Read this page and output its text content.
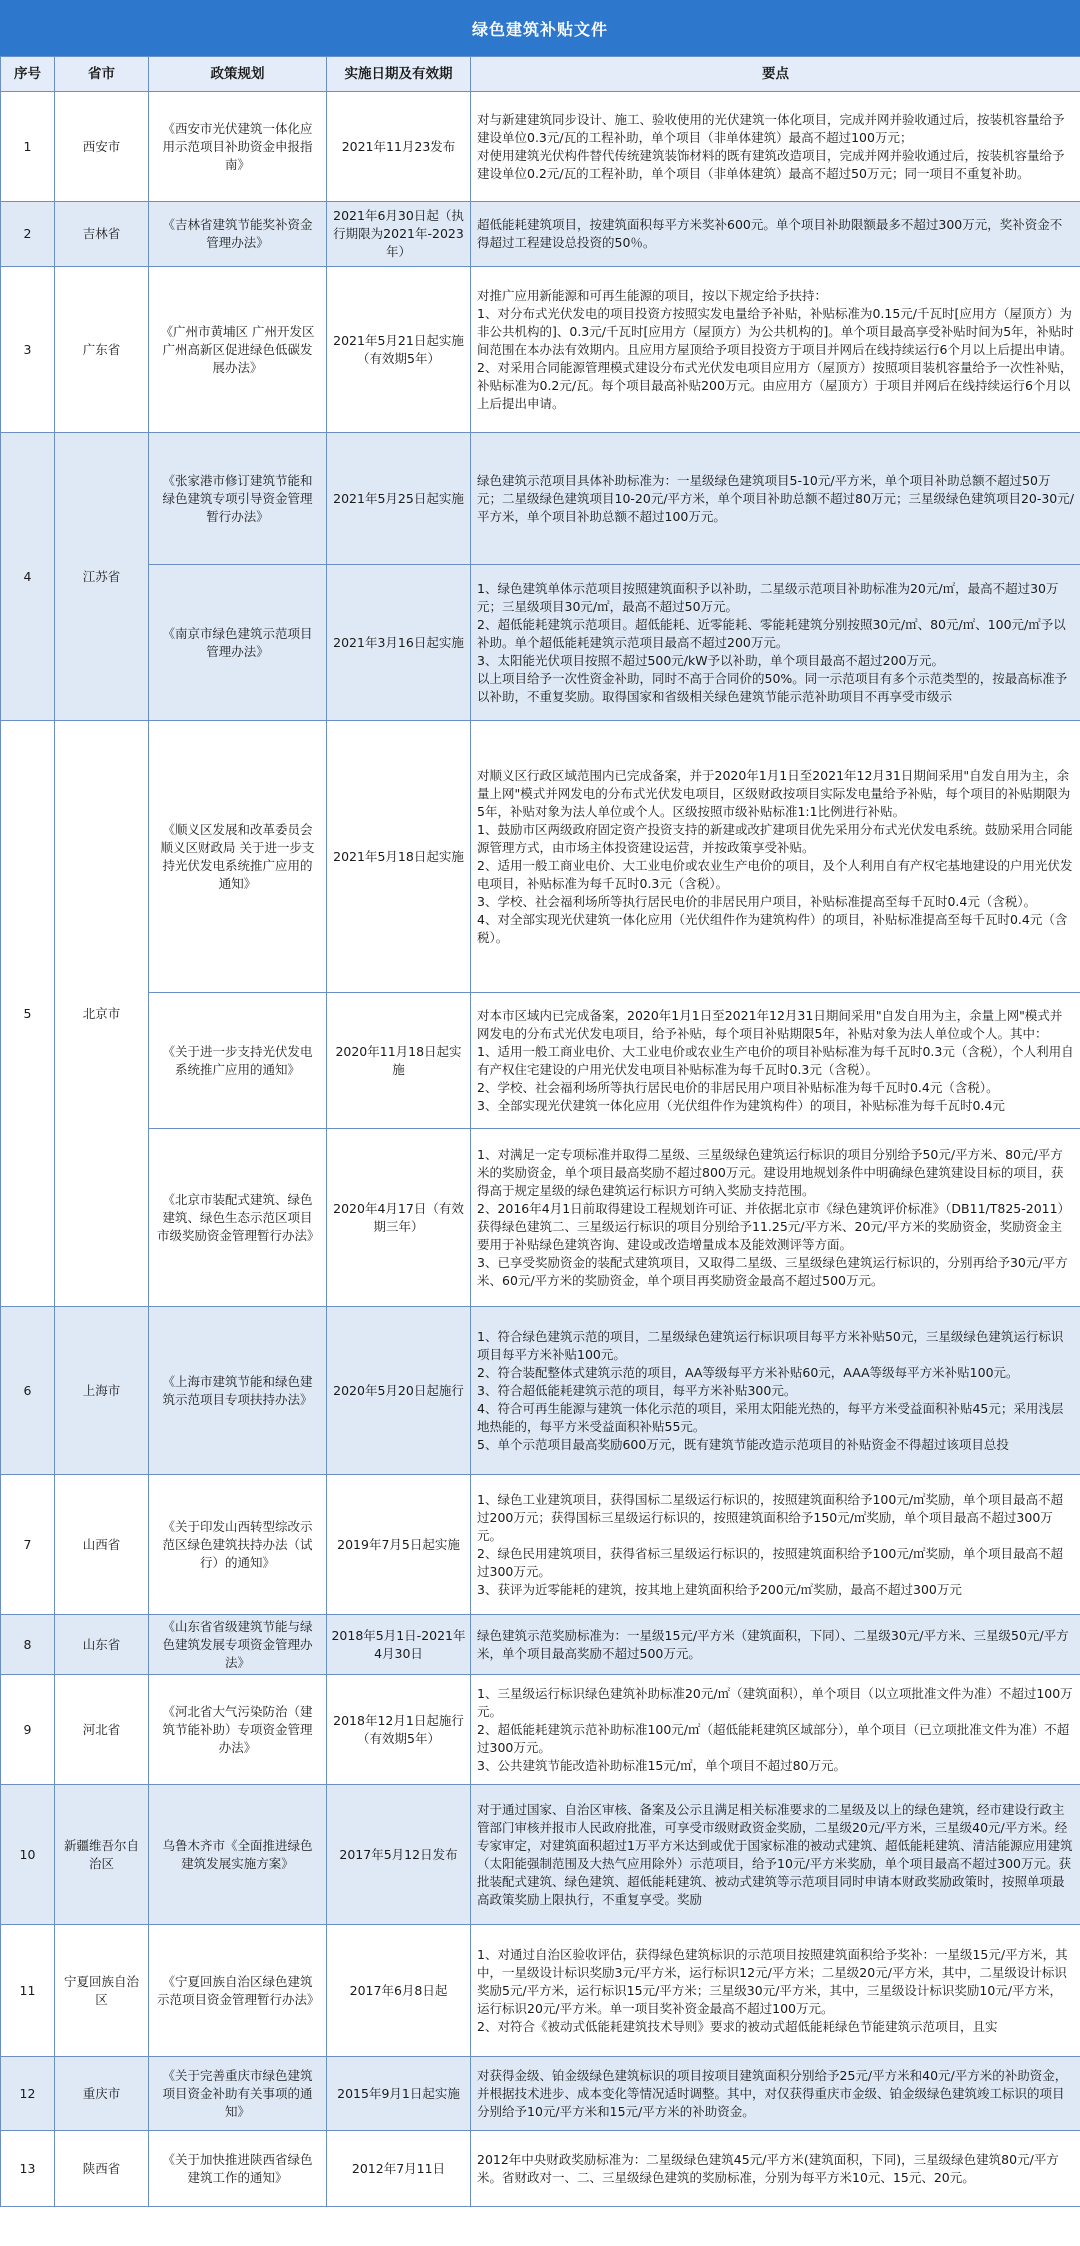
绿色建筑补贴文件
序号	省市	政策规划	实施日期及有效期	要点
1	西安市	《西安市光伏建筑一体化应用示范项目补助资金申报指南》	2021年11月23发布	对与新建建筑同步设计、施工、验收使用的光伏建筑一体化项目，完成并网并验收通过后，按装机容量给予建设单位0.3元/瓦的工程补助，单个项目（非单体建筑）最高不超过100万元；
对使用建筑光伏构件替代传统建筑装饰材料的既有建筑改造项目，完成并网并验收通过后，按装机容量给予建设单位0.2元/瓦的工程补助，单个项目（非单体建筑）最高不超过50万元；同一项目不重复补助。

2	吉林省	《吉林省建筑节能奖补资金管理办法》	2021年6月30日起（执行期限为2021年-2023年）	超低能耗建筑项目，按建筑面积每平方米奖补600元。单个项目补助限额最多不超过300万元，奖补资金不得超过工程建设总投资的50％。

3	广东省	《广州市黄埔区 广州开发区 广州高新区促进绿色低碳发展办法》	2021年5月21日起实施（有效期5年）	对推广应用新能源和可再生能源的项目，按以下规定给予扶持：
1、对分布式光伏发电的项目投资方按照实发电量给予补贴，补贴标准为0.15元/千瓦时[应用方（屋顶方）为非公共机构的]、0.3元/千瓦时[应用方（屋顶方）为公共机构的]。单个项目最高享受补贴时间为5年，补贴时间范围在本办法有效期内。且应用方屋顶给予项目投资方于项目并网后在线持续运行6个月以上后提出申请。
2、对采用合同能源管理模式建设分布式光伏发电项目应用方（屋顶方）按照项目装机容量给予一次性补贴，补贴标准为0.2元/瓦。每个项目最高补贴200万元。由应用方（屋顶方）于项目并网后在线持续运行6个月以上后提出申请。

4	江苏省	《张家港市修订建筑节能和绿色建筑专项引导资金管理暂行办法》	2021年5月25日起实施	绿色建筑示范项目具体补助标准为：一星级绿色建筑项目5-10元/平方米，单个项目补助总额不超过50万元；二星级绿色建筑项目10-20元/平方米，单个项目补助总额不超过80万元；三星级绿色建筑项目20-30元/平方米，单个项目补助总额不超过100万元。

		《南京市绿色建筑示范项目管理办法》	2021年3月16日起实施	1、绿色建筑单体示范项目按照建筑面积予以补助，二星级示范项目补助标准为20元/㎡，最高不超过30万元；三星级项目30元/㎡，最高不超过50万元。
2、超低能耗建筑示范项目。超低能耗、近零能耗、零能耗建筑分别按照30元/㎡、80元/㎡、100元/㎡予以补助。单个超低能耗建筑示范项目最高不超过200万元。
3、太阳能光伏项目按照不超过500元/kW予以补助，单个项目最高不超过200万元。
以上项目给予一次性资金补助，同时不高于合同价的50%。同一示范项目有多个示范类型的，按最高标准予以补助，不重复奖励。取得国家和省级相关绿色建筑节能示范补助项目不再享受市级示

5	北京市	《顺义区发展和改革委员会 顺义区财政局 关于进一步支持光伏发电系统推广应用的通知》	2021年5月18日起实施	对顺义区行政区域范围内已完成备案，并于2020年1月1日至2021年12月31日期间采用"自发自用为主，余量上网"模式并网发电的分布式光伏发电项目，区级财政按项目实际发电量给予补贴，每个项目的补贴期限为5年，补贴对象为法人单位或个人。区级按照市级补贴标准1:1比例进行补贴。
1、鼓励市区两级政府固定资产投资支持的新建或改扩建项目优先采用分布式光伏发电系统。鼓励采用合同能源管理方式，由市场主体投资建设运营，并按政策享受补贴。
2、适用一般工商业电价、大工业电价或农业生产电价的项目，及个人利用自有产权宅基地建设的户用光伏发电项目，补贴标准为每千瓦时0.3元（含税）。
3、学校、社会福利场所等执行居民电价的非居民用户项目，补贴标准提高至每千瓦时0.4元（含税）。
4、对全部实现光伏建筑一体化应用（光伏组件作为建筑构件）的项目，补贴标准提高至每千瓦时0.4元（含税）。

		《关于进一步支持光伏发电系统推广应用的通知》	2020年11月18日起实施	对本市区域内已完成备案，2020年1月1日至2021年12月31日期间采用"自发自用为主，余量上网"模式并网发电的分布式光伏发电项目，给予补贴，每个项目补贴期限5年，补贴对象为法人单位或个人。其中：
1、适用一般工商业电价、大工业电价或农业生产电价的项目补贴标准为每千瓦时0.3元（含税），个人利用自有产权住宅建设的户用光伏发电项目补贴标准为每千瓦时0.3元（含税）。
2、学校、社会福利场所等执行居民电价的非居民用户项目补贴标准为每千瓦时0.4元（含税）。
3、全部实现光伏建筑一体化应用（光伏组件作为建筑构件）的项目，补贴标准为每千瓦时0.4元

		《北京市装配式建筑、绿色建筑、绿色生态示范区项目市级奖励资金管理暂行办法》	2020年4月17日（有效期三年）	1、对满足一定专项标准并取得二星级、三星级绿色建筑运行标识的项目分别给予50元/平方米、80元/平方米的奖励资金，单个项目最高奖励不超过800万元。建设用地规划条件中明确绿色建筑建设目标的项目，获得高于规定星级的绿色建筑运行标识方可纳入奖励支持范围。
2、2016年4月1日前取得建设工程规划许可证、并依据北京市《绿色建筑评价标准》（DB11/T825-2011）获得绿色建筑二、三星级运行标识的项目分别给予11.25元/平方米、20元/平方米的奖励资金，奖励资金主要用于补贴绿色建筑咨询、建设或改造增量成本及能效测评等方面。
3、已享受奖励资金的装配式建筑项目，又取得二星级、三星级绿色建筑运行标识的，分别再给予30元/平方米、60元/平方米的奖励资金，单个项目再奖励资金最高不超过500万元。

6	上海市	《上海市建筑节能和绿色建筑示范项目专项扶持办法》	2020年5月20日起施行	1、符合绿色建筑示范的项目，二星级绿色建筑运行标识项目每平方米补贴50元，三星级绿色建筑运行标识项目每平方米补贴100元。
2、符合装配整体式建筑示范的项目，AA等级每平方米补贴60元，AAA等级每平方米补贴100元。
3、符合超低能耗建筑示范的项目，每平方米补贴300元。
4、符合可再生能源与建筑一体化示范的项目，采用太阳能光热的，每平方米受益面积补贴45元；采用浅层地热能的，每平方米受益面积补贴55元。
5、单个示范项目最高奖励600万元，既有建筑节能改造示范项目的补贴资金不得超过该项目总投

7	山西省	《关于印发山西转型综改示范区绿色建筑扶持办法（试行）的通知》	2019年7月5日起实施	1、绿色工业建筑项目，获得国标二星级运行标识的，按照建筑面积给予100元/㎡奖励，单个项目最高不超过200万元；获得国标三星级运行标识的，按照建筑面积给予150元/㎡奖励，单个项目最高不超过300万元。
2、绿色民用建筑项目，获得省标三星级运行标识的，按照建筑面积给予100元/㎡奖励，单个项目最高不超过300万元。
3、获评为近零能耗的建筑，按其地上建筑面积给予200元/㎡奖励，最高不超过300万元

8	山东省	《山东省省级建筑节能与绿色建筑发展专项资金管理办法》	2018年5月1日-2021年4月30日	绿色建筑示范奖励标准为：一星级15元/平方米（建筑面积，下同）、二星级30元/平方米、三星级50元/平方米，单个项目最高奖励不超过500万元。

9	河北省	《河北省大气污染防治（建筑节能补助）专项资金管理办法》	2018年12月1日起施行（有效期5年）	1、三星级运行标识绿色建筑补助标准20元/㎡（建筑面积），单个项目（以立项批准文件为准）不超过100万元。
2、超低能耗建筑示范补助标准100元/㎡（超低能耗建筑区域部分），单个项目（已立项批准文件为准）不超过300万元。
3、公共建筑节能改造补助标准15元/㎡，单个项目不超过80万元。

10	新疆维吾尔自治区	乌鲁木齐市《全面推进绿色建筑发展实施方案》	2017年5月12日发布	对于通过国家、自治区审核、备案及公示且满足相关标准要求的二星级及以上的绿色建筑，经市建设行政主管部门审核并报市人民政府批准，可享受市级财政资金奖励，二星级20元/平方米，三星级40元/平方米。经专家审定，对建筑面积超过1万平方米达到或优于国家标准的被动式建筑、超低能耗建筑、清洁能源应用建筑（太阳能强制范围及大热气应用除外）示范项目，给予10元/平方米奖励，单个项目最高不超过300万元。获批装配式建筑、绿色建筑、超低能耗建筑、被动式建筑等示范项目同时申请本财政奖励政策时，按照单项最高政策奖励上限执行，不重复享受。奖励

11	宁夏回族自治区	《宁夏回族自治区绿色建筑示范项目资金管理暂行办法》	2017年6月8日起	1、对通过自治区验收评估，获得绿色建筑标识的示范项目按照建筑面积给予奖补：一星级15元/平方米，其中，一星级设计标识奖励3元/平方米，运行标识12元/平方米；二星级20元/平方米，其中，二星级设计标识奖励5元/平方米，运行标识15元/平方米；三星级30元/平方米，其中，三星级设计标识奖励10元/平方米，运行标识20元/平方米。单一项目奖补资金最高不超过100万元。
2、对符合《被动式低能耗建筑技术导则》要求的被动式超低能耗绿色节能建筑示范项目，且实

12	重庆市	《关于完善重庆市绿色建筑项目资金补助有关事项的通知》	2015年9月1日起实施	对获得金级、铂金级绿色建筑标识的项目按项目建筑面积分别给予25元/平方米和40元/平方米的补助资金，并根据技术进步、成本变化等情况适时调整。其中，对仅获得重庆市金级、铂金级绿色建筑竣工标识的项目分别给予10元/平方米和15元/平方米的补助资金。

13	陕西省	《关于加快推进陕西省绿色建筑工作的通知》	2012年7月11日	2012年中央财政奖励标准为：二星级绿色建筑45元/平方米(建筑面积，下同)，三星级绿色建筑80元/平方米。省财政对一、二、三星级绿色建筑的奖励标准，分别为每平方米10元、15元、20元。
